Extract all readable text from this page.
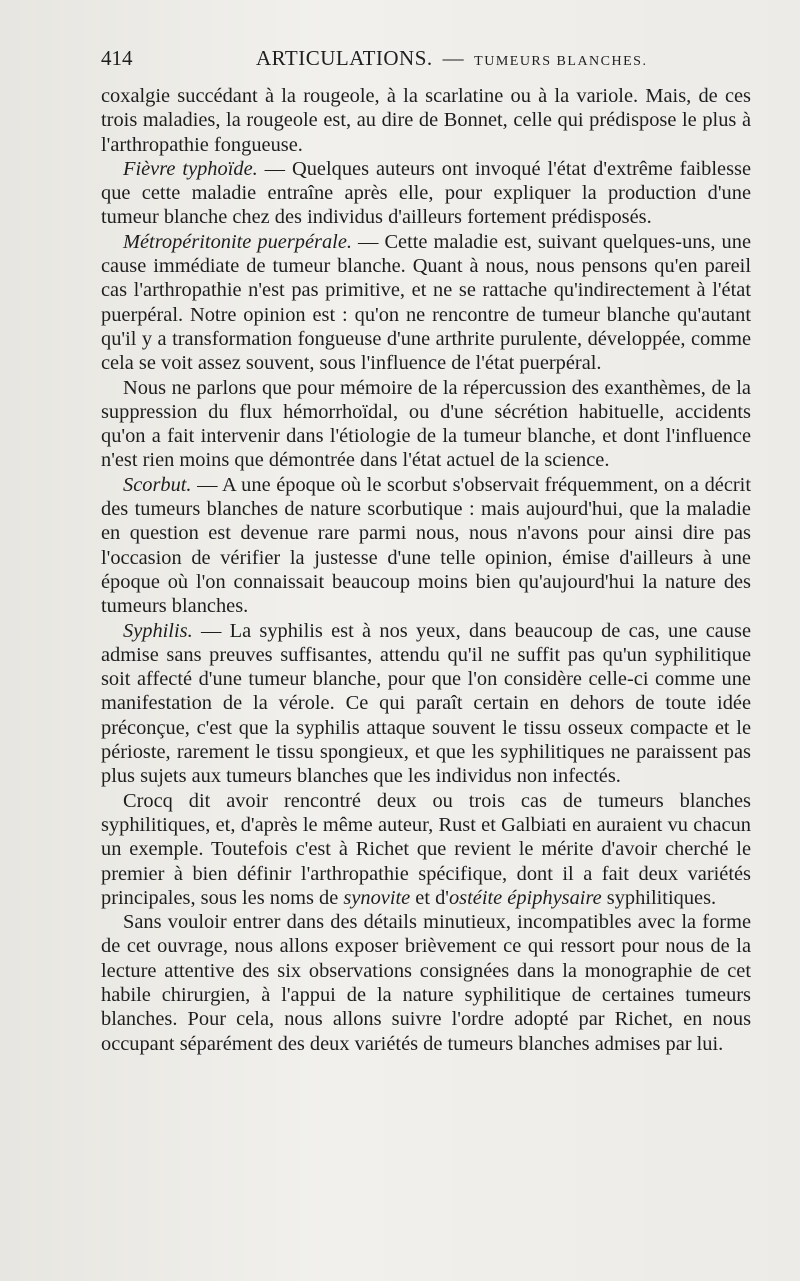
414	ARTICULATIONS. — TUMEURS BLANCHES.

coxalgie succédant à la rougeole, à la scarlatine ou à la variole. Mais, de ces trois maladies, la rougeole est, au dire de Bonnet, celle qui prédispose le plus à l'arthropathie fongueuse.

Fièvre typhoïde. — Quelques auteurs ont invoqué l'état d'extrême faiblesse que cette maladie entraîne après elle, pour expliquer la production d'une tumeur blanche chez des individus d'ailleurs fortement prédisposés.

Métropéritonite puerpérale. — Cette maladie est, suivant quelques-uns, une cause immédiate de tumeur blanche. Quant à nous, nous pensons qu'en pareil cas l'arthropathie n'est pas primitive, et ne se rattache qu'indirectement à l'état puerpéral. Notre opinion est : qu'on ne rencontre de tumeur blanche qu'autant qu'il y a transformation fongueuse d'une arthrite purulente, développée, comme cela se voit assez souvent, sous l'influence de l'état puerpéral.

Nous ne parlons que pour mémoire de la répercussion des exanthèmes, de la suppression du flux hémorrhoïdal, ou d'une sécrétion habituelle, accidents qu'on a fait intervenir dans l'étiologie de la tumeur blanche, et dont l'influence n'est rien moins que démontrée dans l'état actuel de la science.

Scorbut. — A une époque où le scorbut s'observait fréquemment, on a décrit des tumeurs blanches de nature scorbutique : mais aujourd'hui, que la maladie en question est devenue rare parmi nous, nous n'avons pour ainsi dire pas l'occasion de vérifier la justesse d'une telle opinion, émise d'ailleurs à une époque où l'on connaissait beaucoup moins bien qu'aujourd'hui la nature des tumeurs blanches.

Syphilis. — La syphilis est à nos yeux, dans beaucoup de cas, une cause admise sans preuves suffisantes, attendu qu'il ne suffit pas qu'un syphilitique soit affecté d'une tumeur blanche, pour que l'on considère celle-ci comme une manifestation de la vérole. Ce qui paraît certain en dehors de toute idée préconçue, c'est que la syphilis attaque souvent le tissu osseux compacte et le périoste, rarement le tissu spongieux, et que les syphilitiques ne paraissent pas plus sujets aux tumeurs blanches que les individus non infectés.

Crocq dit avoir rencontré deux ou trois cas de tumeurs blanches syphilitiques, et, d'après le même auteur, Rust et Galbiati en auraient vu chacun un exemple. Toutefois c'est à Richet que revient le mérite d'avoir cherché le premier à bien définir l'arthropathie spécifique, dont il a fait deux variétés principales, sous les noms de synovite et d'ostéite épiphysaire syphilitiques.

Sans vouloir entrer dans des détails minutieux, incompatibles avec la forme de cet ouvrage, nous allons exposer brièvement ce qui ressort pour nous de la lecture attentive des six observations consignées dans la monographie de cet habile chirurgien, à l'appui de la nature syphilitique de certaines tumeurs blanches. Pour cela, nous allons suivre l'ordre adopté par Richet, en nous occupant séparément des deux variétés de tumeurs blanches admises par lui.
